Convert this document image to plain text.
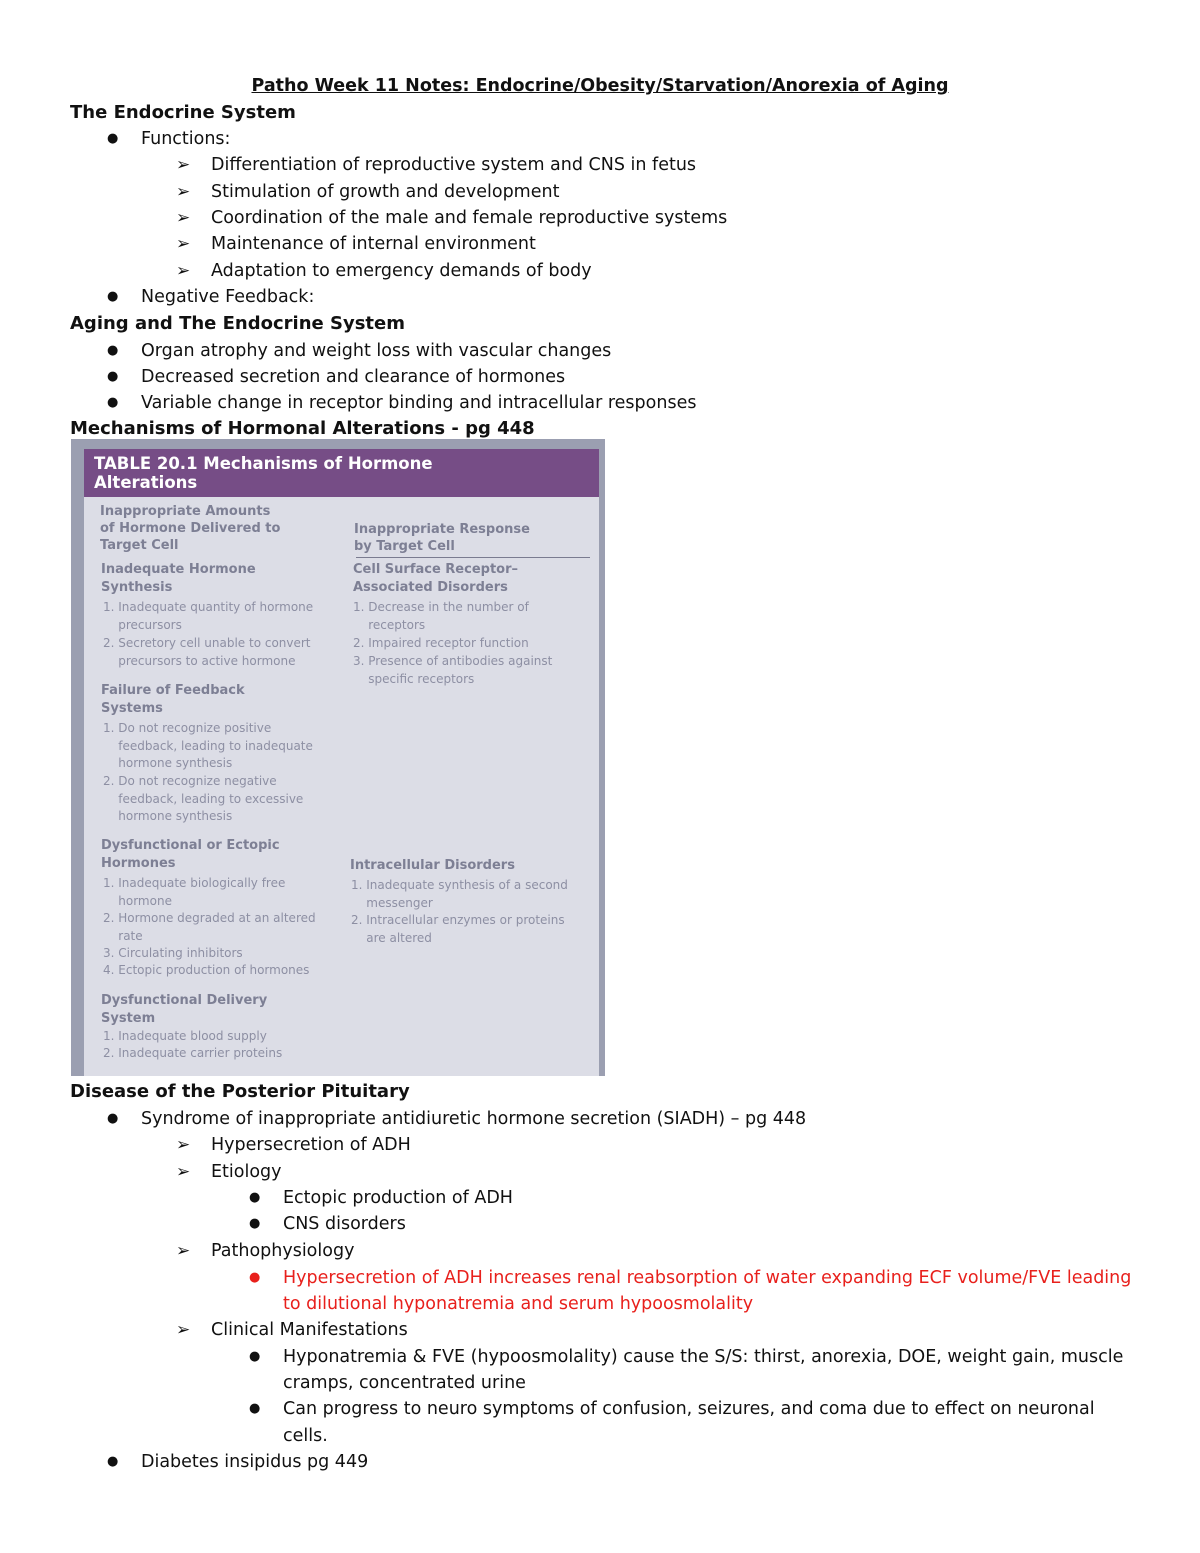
Patho Week 11 Notes: Endocrine/Obesity/Starvation/Anorexia of Aging
The Endocrine System
● Functions:
➢ Differentiation of reproductive system and CNS in fetus
➢ Stimulation of growth and development
➢ Coordination of the male and female reproductive systems
➢ Maintenance of internal environment
➢ Adaptation to emergency demands of body
● Negative Feedback:
Aging and The Endocrine System
● Organ atrophy and weight loss with vascular changes
● Decreased secretion and clearance of hormones
● Variable change in receptor binding and intracellular responses
Mechanisms of Hormonal Alterations - pg 448
TABLE 20.1 Mechanisms of Hormone
Alterations
Inappropriate Amounts
of Hormone Delivered to
Target Cell
Inappropriate Response
by Target Cell
Inadequate Hormone
Synthesis
1. Inadequate quantity of hormone
precursors
2. Secretory cell unable to convert
precursors to active hormone
Failure of Feedback
Systems
1. Do not recognize positive
feedback, leading to inadequate
hormone synthesis
2. Do not recognize negative
feedback, leading to excessive
hormone synthesis
Dysfunctional or Ectopic
Hormones
1. Inadequate biologically free
hormone
2. Hormone degraded at an altered
rate
3. Circulating inhibitors
4. Ectopic production of hormones
Dysfunctional Delivery
System
1. Inadequate blood supply
2. Inadequate carrier proteins
Cell Surface Receptor–
Associated Disorders
1. Decrease in the number of
receptors
2. Impaired receptor function
3. Presence of antibodies against
specific receptors
Intracellular Disorders
1. Inadequate synthesis of a second
messenger
2. Intracellular enzymes or proteins
are altered
Disease of the Posterior Pituitary
● Syndrome of inappropriate antidiuretic hormone secretion (SIADH) – pg 448
➢ Hypersecretion of ADH
➢ Etiology
● Ectopic production of ADH
● CNS disorders
➢ Pathophysiology
● Hypersecretion of ADH increases renal reabsorption of water expanding ECF volume/FVE leading
to dilutional hyponatremia and serum hypoosmolality
➢ Clinical Manifestations
● Hyponatremia & FVE (hypoosmolality) cause the S/S: thirst, anorexia, DOE, weight gain, muscle
cramps, concentrated urine
● Can progress to neuro symptoms of confusion, seizures, and coma due to effect on neuronal
cells.
● Diabetes insipidus pg 449
